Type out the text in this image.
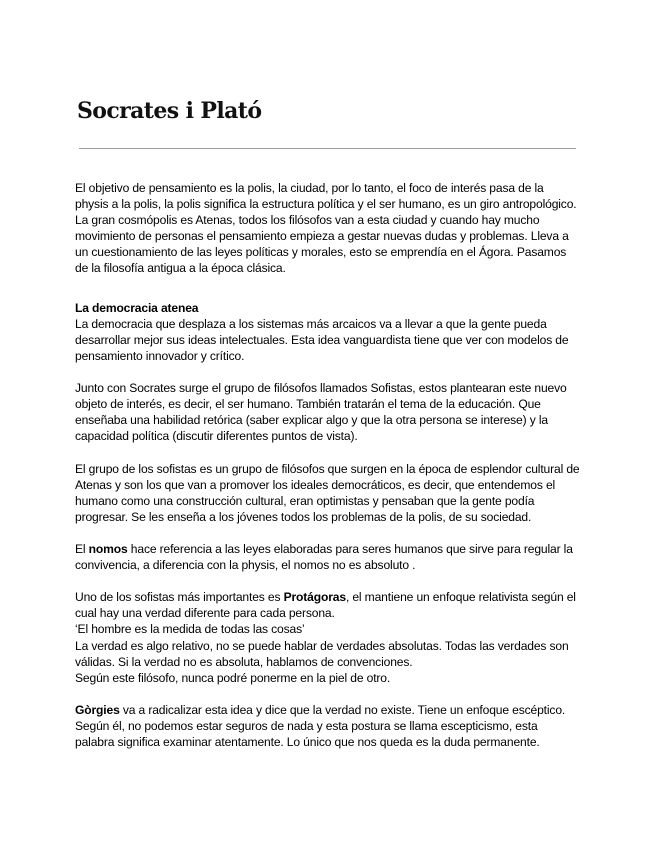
Socrates i Plató

El objetivo de pensamiento es la polis, la ciudad, por lo tanto, el foco de interés pasa de la physis a la polis, la polis significa la estructura política y el ser humano, es un giro antropológico. La gran cosmópolis es Atenas, todos los filósofos van a esta ciudad y cuando hay mucho movimiento de personas el pensamiento empieza a gestar nuevas dudas y problemas. Lleva a un cuestionamiento de las leyes políticas y morales, esto se emprendía en el Ágora. Pasamos de la filosofía antigua a la época clásica.

La democracia atenea

La democracia que desplaza a los sistemas más arcaicos va a llevar a que la gente pueda desarrollar mejor sus ideas intelectuales. Esta idea vanguardista tiene que ver con modelos de pensamiento innovador y crítico.

Junto con Socrates surge el grupo de filósofos llamados Sofistas, estos plantearan este nuevo objeto de interés, es decir, el ser humano. También tratarán el tema de la educación. Que enseñaba una habilidad retórica (saber explicar algo y que la otra persona se interese) y la capacidad política (discutir diferentes puntos de vista).

El grupo de los sofistas es un grupo de filósofos que surgen en la época de esplendor cultural de Atenas y son los que van a promover los ideales democráticos, es decir, que entendemos el humano como una construcción cultural, eran optimistas y pensaban que la gente podía progresar. Se les enseña a los jóvenes todos los problemas de la polis, de su sociedad.

El nomos hace referencia a las leyes elaboradas para seres humanos que sirve para regular la convivencia, a diferencia con la physis, el nomos no es absoluto .

Uno de los sofistas más importantes es Protágoras, el mantiene un enfoque relativista según el cual hay una verdad diferente para cada persona.

‘El hombre es la medida de todas las cosas’

La verdad es algo relativo, no se puede hablar de verdades absolutas. Todas las verdades son válidas. Si la verdad no es absoluta, hablamos de convenciones.

Según este filósofo, nunca podré ponerme en la piel de otro.

Gòrgies va a radicalizar esta idea y dice que la verdad no existe. Tiene un enfoque escéptico. Según él, no podemos estar seguros de nada y esta postura se llama escepticismo, esta palabra significa examinar atentamente. Lo único que nos queda es la duda permanente.
